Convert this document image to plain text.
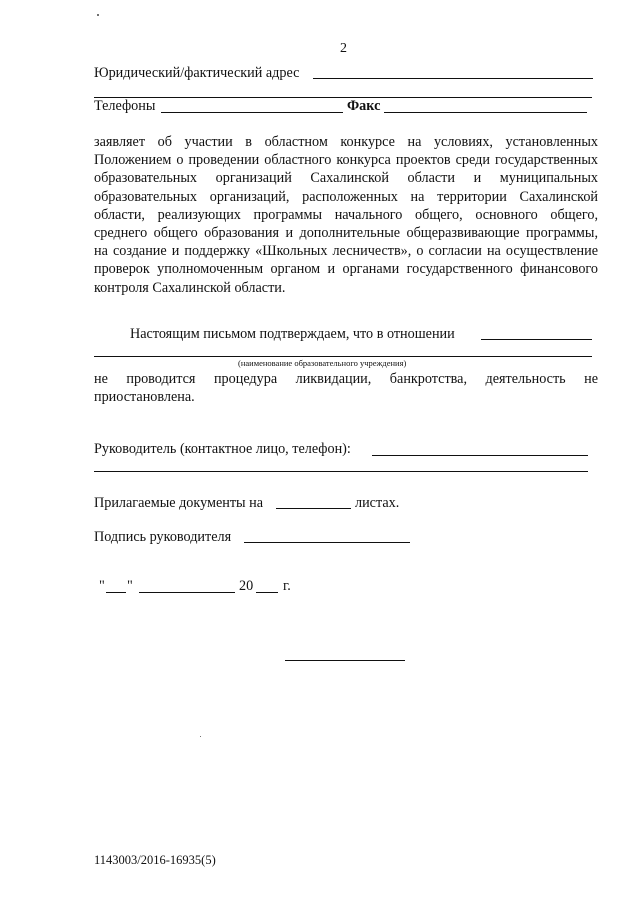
2
Юридический/фактический адрес
Телефоны	Факс
заявляет об участии в областном конкурсе на условиях, установленных Положением о проведении областного конкурса проектов среди государственных образовательных организаций Сахалинской области и муниципальных образовательных организаций, расположенных на территории Сахалинской области, реализующих программы начального общего, основного общего, среднего общего образования и дополнительные общеразвивающие программы, на создание и поддержку «Школьных лесничеств», о согласии на осуществление проверок уполномоченным органом и органами государственного финансового контроля Сахалинской области.
Настоящим письмом подтверждаем, что в отношении
(наименование образовательного учреждения)
не проводится процедура ликвидации, банкротства, деятельность не приостановлена.
Руководитель (контактное лицо, телефон):
Прилагаемые документы на	листах.
Подпись руководителя
" "	20 г.
1143003/2016-16935(5)
